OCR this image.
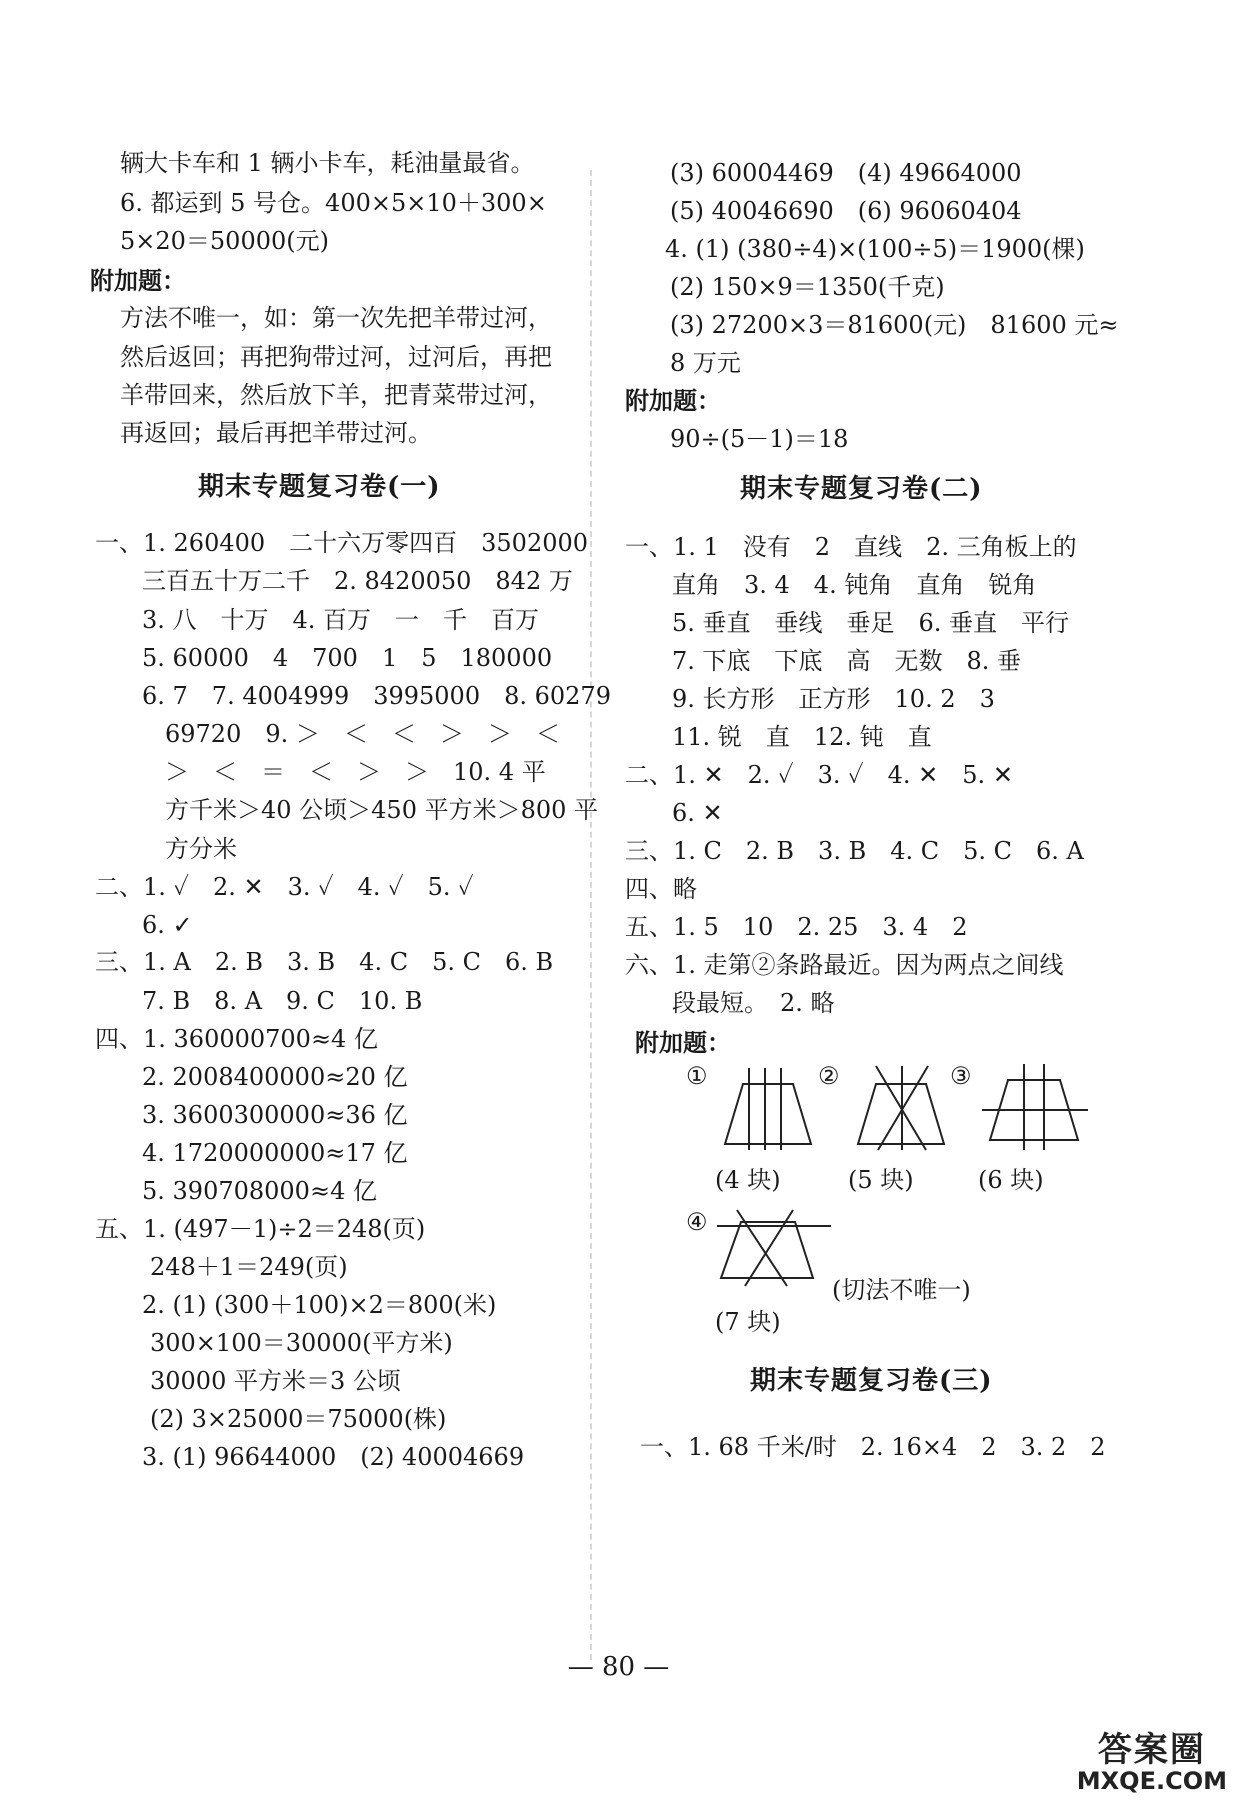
辆大卡车和 1 辆小卡车，耗油量最省。
6. 都运到 5 号仓。400×5×10＋300×
5×20＝50000(元)
附加题：
方法不唯一，如：第一次先把羊带过河，
然后返回；再把狗带过河，过河后，再把
羊带回来，然后放下羊，把青菜带过河，
再返回；最后再把羊带过河。
期末专题复习卷(一)
一、1. 260400　二十六万零四百　3502000
三百五十万二千　2. 8420050　842 万
3. 八　十万　4. 百万　一　千　百万
5. 60000　4　700　1　5　180000
6. 7　7. 4004999　3995000　8. 60279
69720　9. ＞　＜　＜　＞　＞　＜
＞　＜　＝　＜　＞　＞　10. 4 平
方千米＞40 公顷＞450 平方米＞800 平
方分米
二、1. ✓　2. ✕　3. ✓　4. ✓　5. ✓
6. ✓
三、1. A　2. B　3. B　4. C　5. C　6. B
7. B　8. A　9. C　10. B
四、1. 360000700≈4 亿
2. 2008400000≈20 亿
3. 3600300000≈36 亿
4. 1720000000≈17 亿
5. 390708000≈4 亿
五、1. (497－1)÷2＝248(页)
248＋1＝249(页)
2. (1) (300＋100)×2＝800(米)
300×100＝30000(平方米)
30000 平方米＝3 公顷
(2) 3×25000＝75000(株)
3. (1) 96644000　(2) 40004669
(3) 60004469　(4) 49664000
(5) 40046690　(6) 96060404
4. (1) (380÷4)×(100÷5)＝1900(棵)
(2) 150×9＝1350(千克)
(3) 27200×3＝81600(元)　81600 元≈
8 万元
附加题：
90÷(5－1)＝18
期末专题复习卷(二)
一、1. 1　没有　2　直线　2. 三角板上的
直角　3. 4　4. 钝角　直角　锐角
5. 垂直　垂线　垂足　6. 垂直　平行
7. 下底　下底　高　无数　8. 垂
9. 长方形　正方形　10. 2　3
11. 锐　直　12. 钝　直
二、1. ✕　2. ✓　3. ✓　4. ✕　5. ✕
6. ✕
三、1. C　2. B　3. B　4. C　5. C　6. A
四、略
五、1. 5　10　2. 25　3. 4　2
六、1. 走第②条路最近。因为两点之间线
段最短。　2. 略
附加题：
①
(4 块)
②
(5 块)
③
(6 块)
④
(切法不唯一)
(7 块)
期末专题复习卷(三)
一、1. 68 千米/时　2. 16×4　2　3. 2　2
— 80 —
答案圈
MXQE.COM
